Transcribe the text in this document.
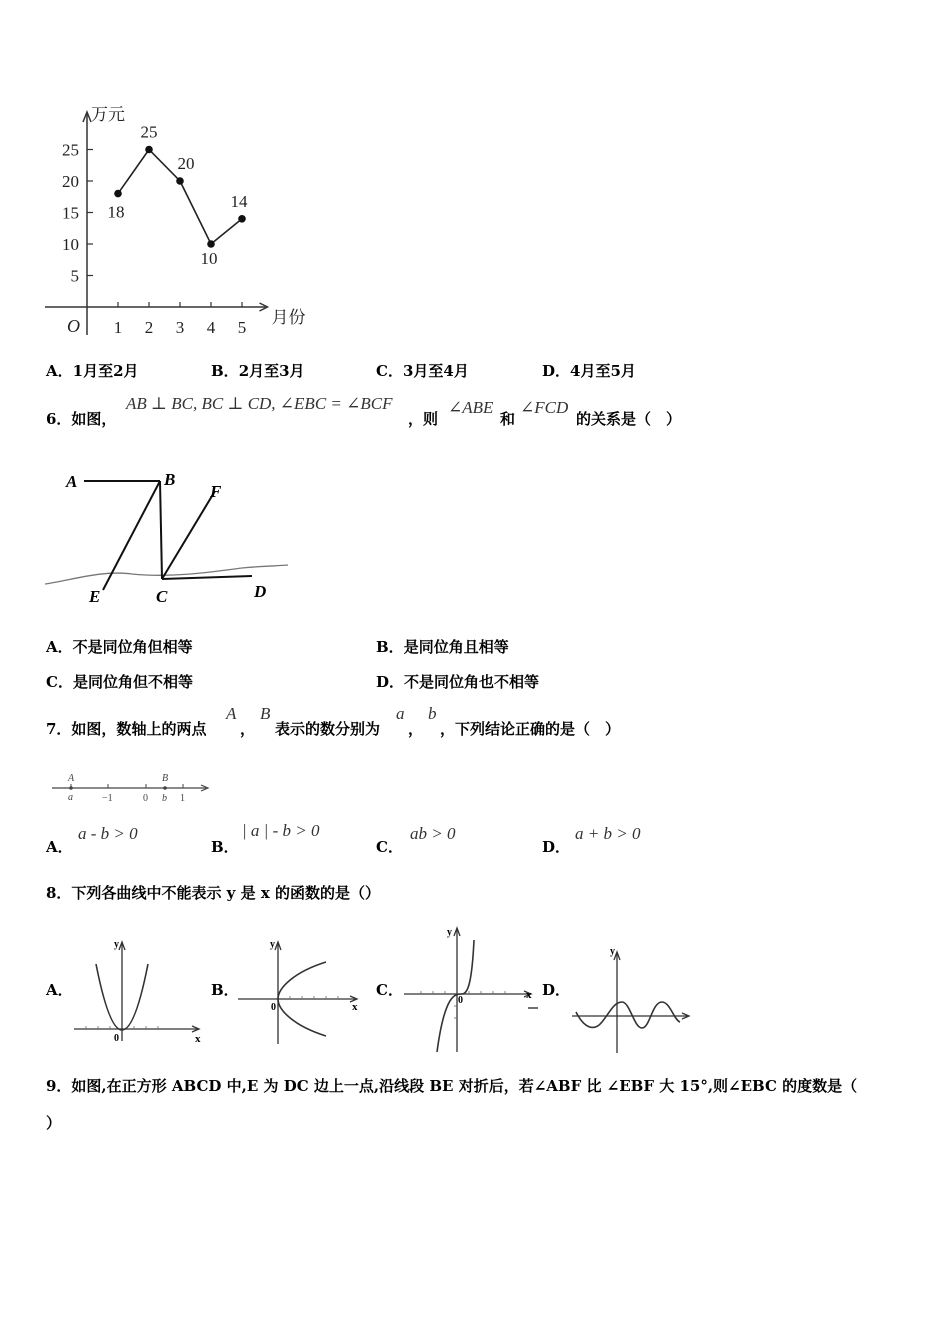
万元
月份
O
5
10
15
20
25
1 2 3 4 5
18
25
20
10
14
A．1月至2月	B．2月至3月	C．3月至4月	D．4月至5月
6．如图，
AB ⊥ BC, BC ⊥ CD, ∠EBC = ∠BCF
，则
∠ABE
和
∠FCD
的关系是（　）
A	B
F
E	C	D
A．不是同位角但相等	B．是同位角且相等
C．是同位角但不相等	D．不是同位角也不相等
7．如图，数轴上的两点
A
，
B
表示的数分别为
a
，
b
，下列结论正确的是（　）
A	B
a	−1	0 b 1
A．
a - b > 0
B．
| a | - b > 0
C．
ab > 0
D．
a + b > 0
8．下列各曲线中不能表示 y 是 x 的函数的是（）
A．
y
x
0
B．
y
x
0
C．
y
x
0
D．
y
9．如图,在正方形 ABCD 中,E 为 DC 边上一点,沿线段 BE 对折后，若∠ABF 比 ∠EBF 大 15°,则∠EBC 的度数是（
）
